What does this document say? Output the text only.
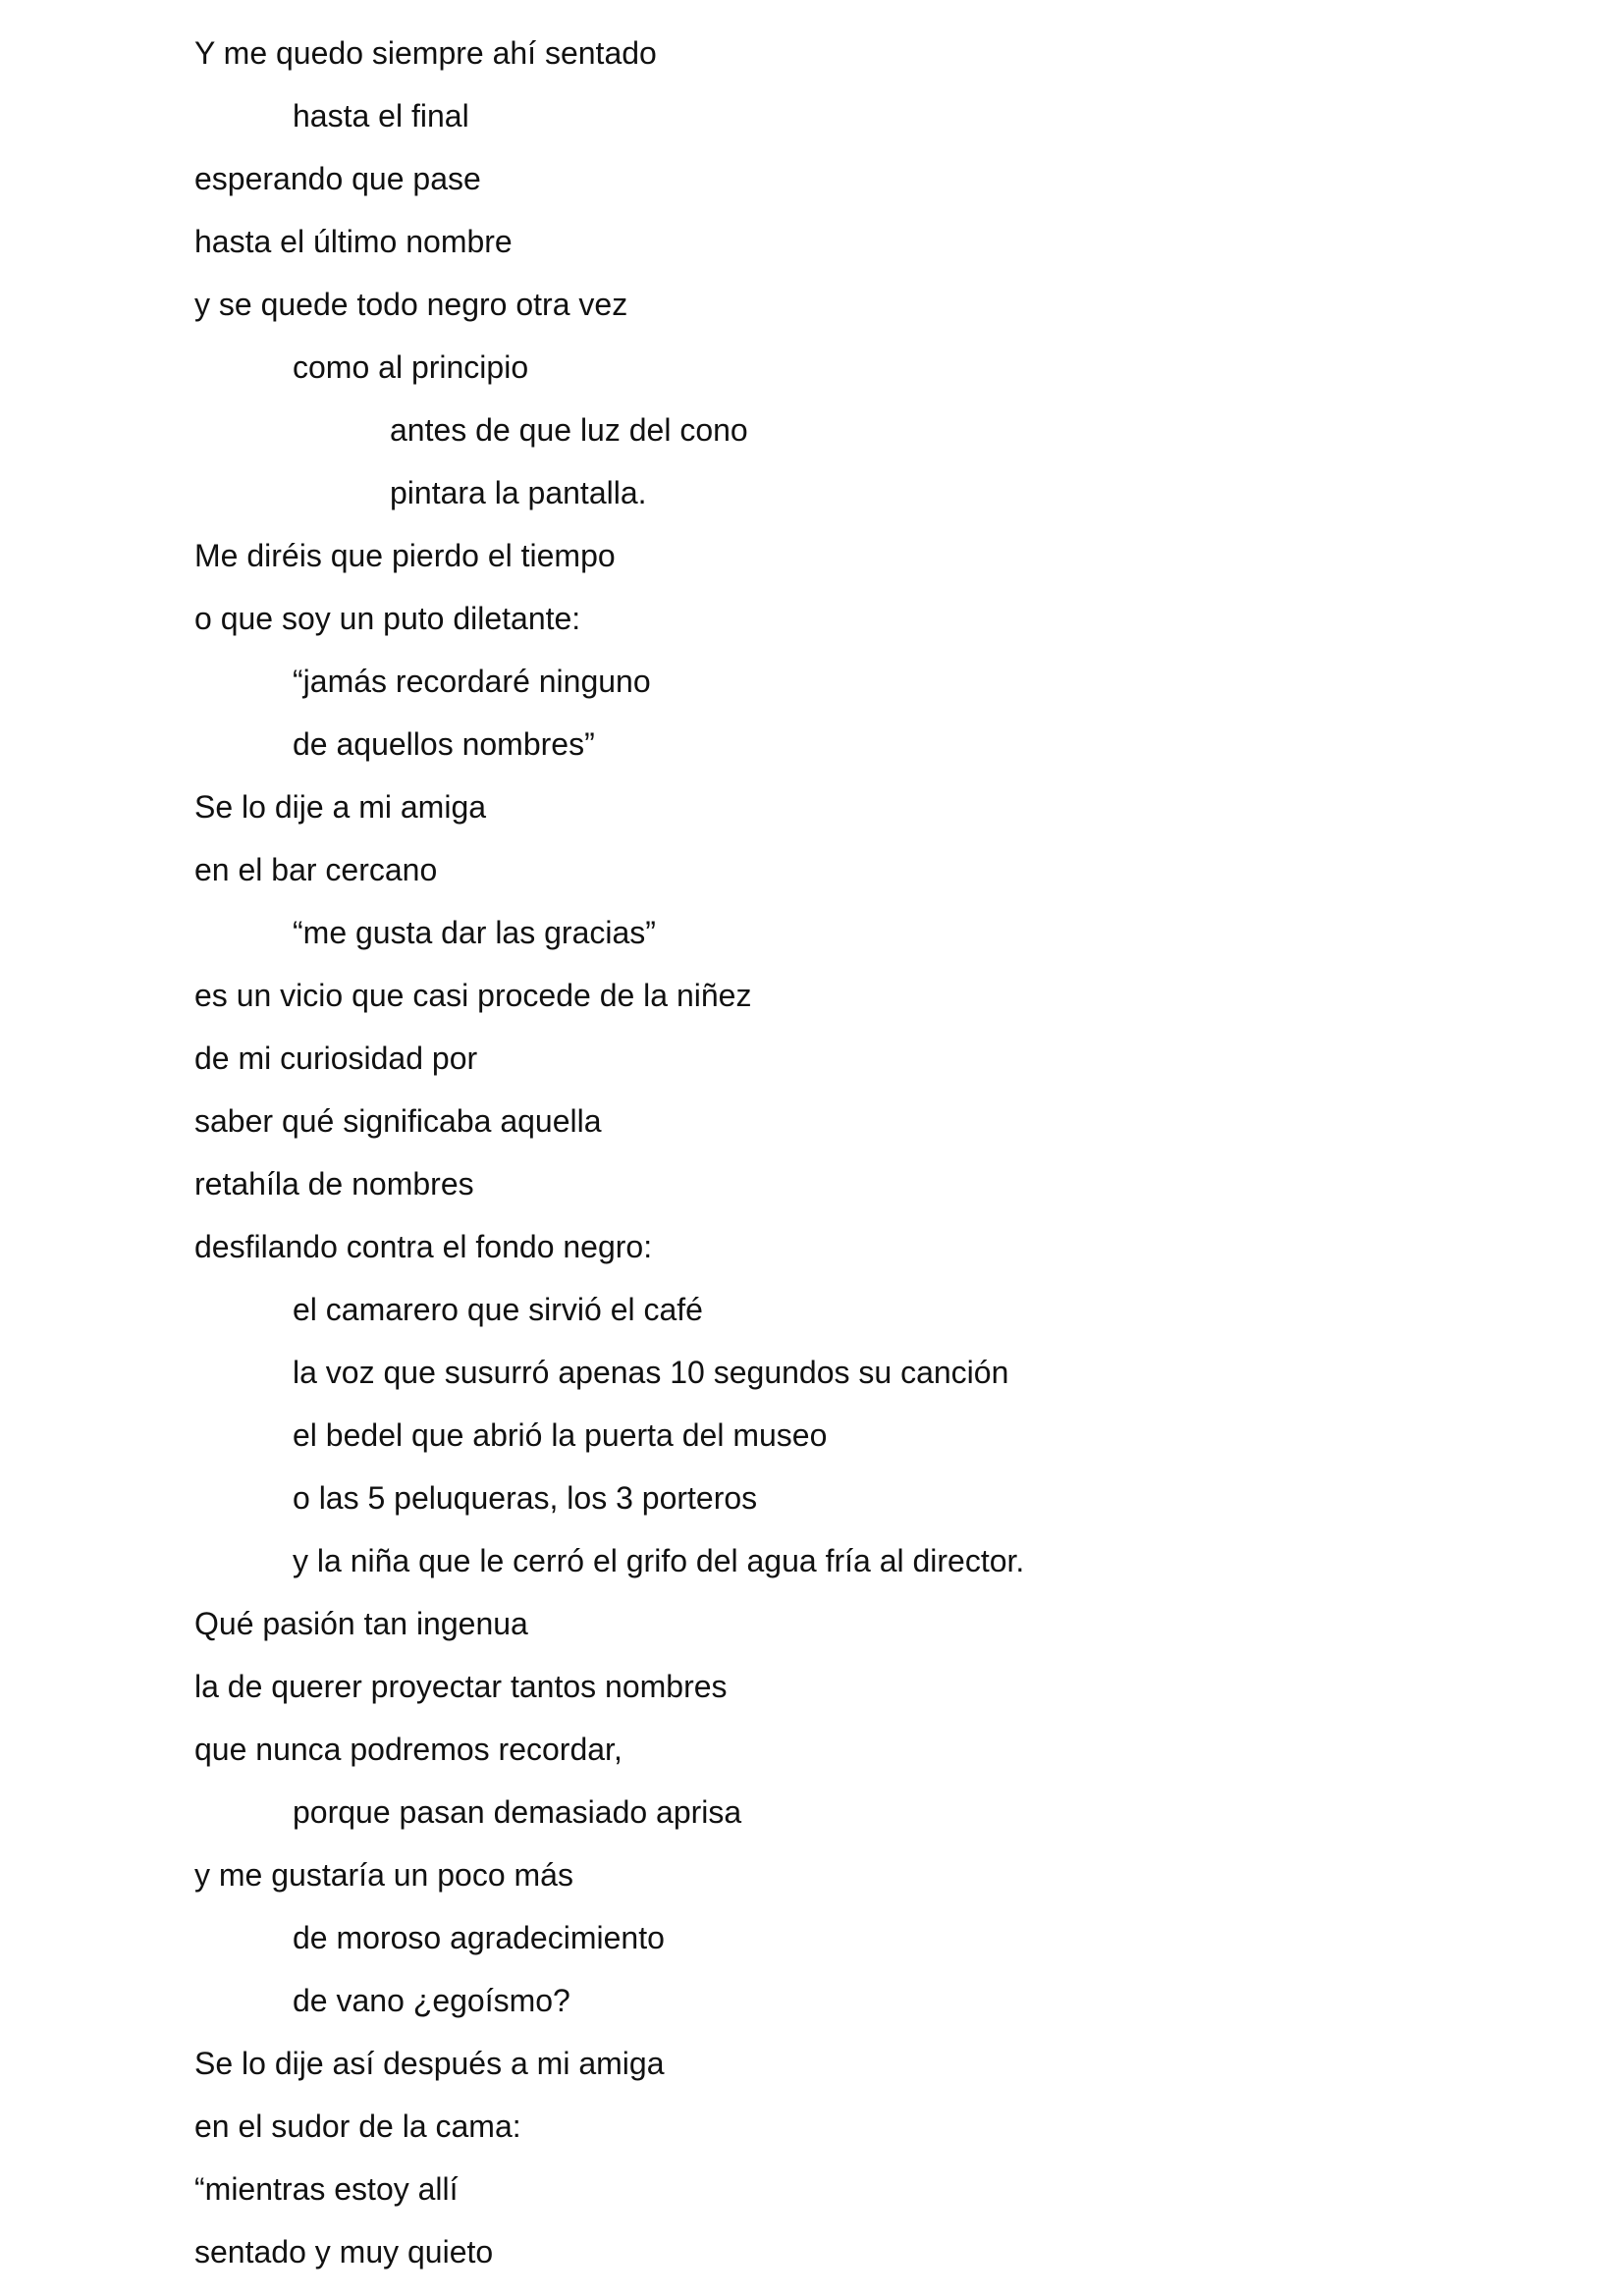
Y me quedo siempre ahí sentado
hasta el final
esperando que pase
hasta el último nombre
y se quede todo negro otra vez
como al principio
antes de que luz del cono
pintara la pantalla.
Me diréis que pierdo el tiempo
o que soy un puto diletante:
“jamás recordaré ninguno
de aquellos nombres”
Se lo dije a mi amiga
en el bar cercano
“me gusta dar las gracias”
es un vicio que casi procede de la niñez
de mi curiosidad por
saber qué significaba aquella
retahíla de nombres
desfilando contra el fondo negro:
el camarero que sirvió el café
la voz que susurró apenas 10 segundos su canción
el bedel que abrió la puerta del museo
o las 5 peluqueras, los 3 porteros
y la niña que le cerró el grifo del agua fría al director.
Qué pasión tan ingenua
la de querer proyectar tantos nombres
que nunca podremos recordar,
porque pasan demasiado aprisa
y me gustaría un poco más
de moroso agradecimiento
de vano ¿egoísmo?
Se lo dije así después a mi amiga
en el sudor de la cama:
“mientras estoy allí
sentado y muy quieto
